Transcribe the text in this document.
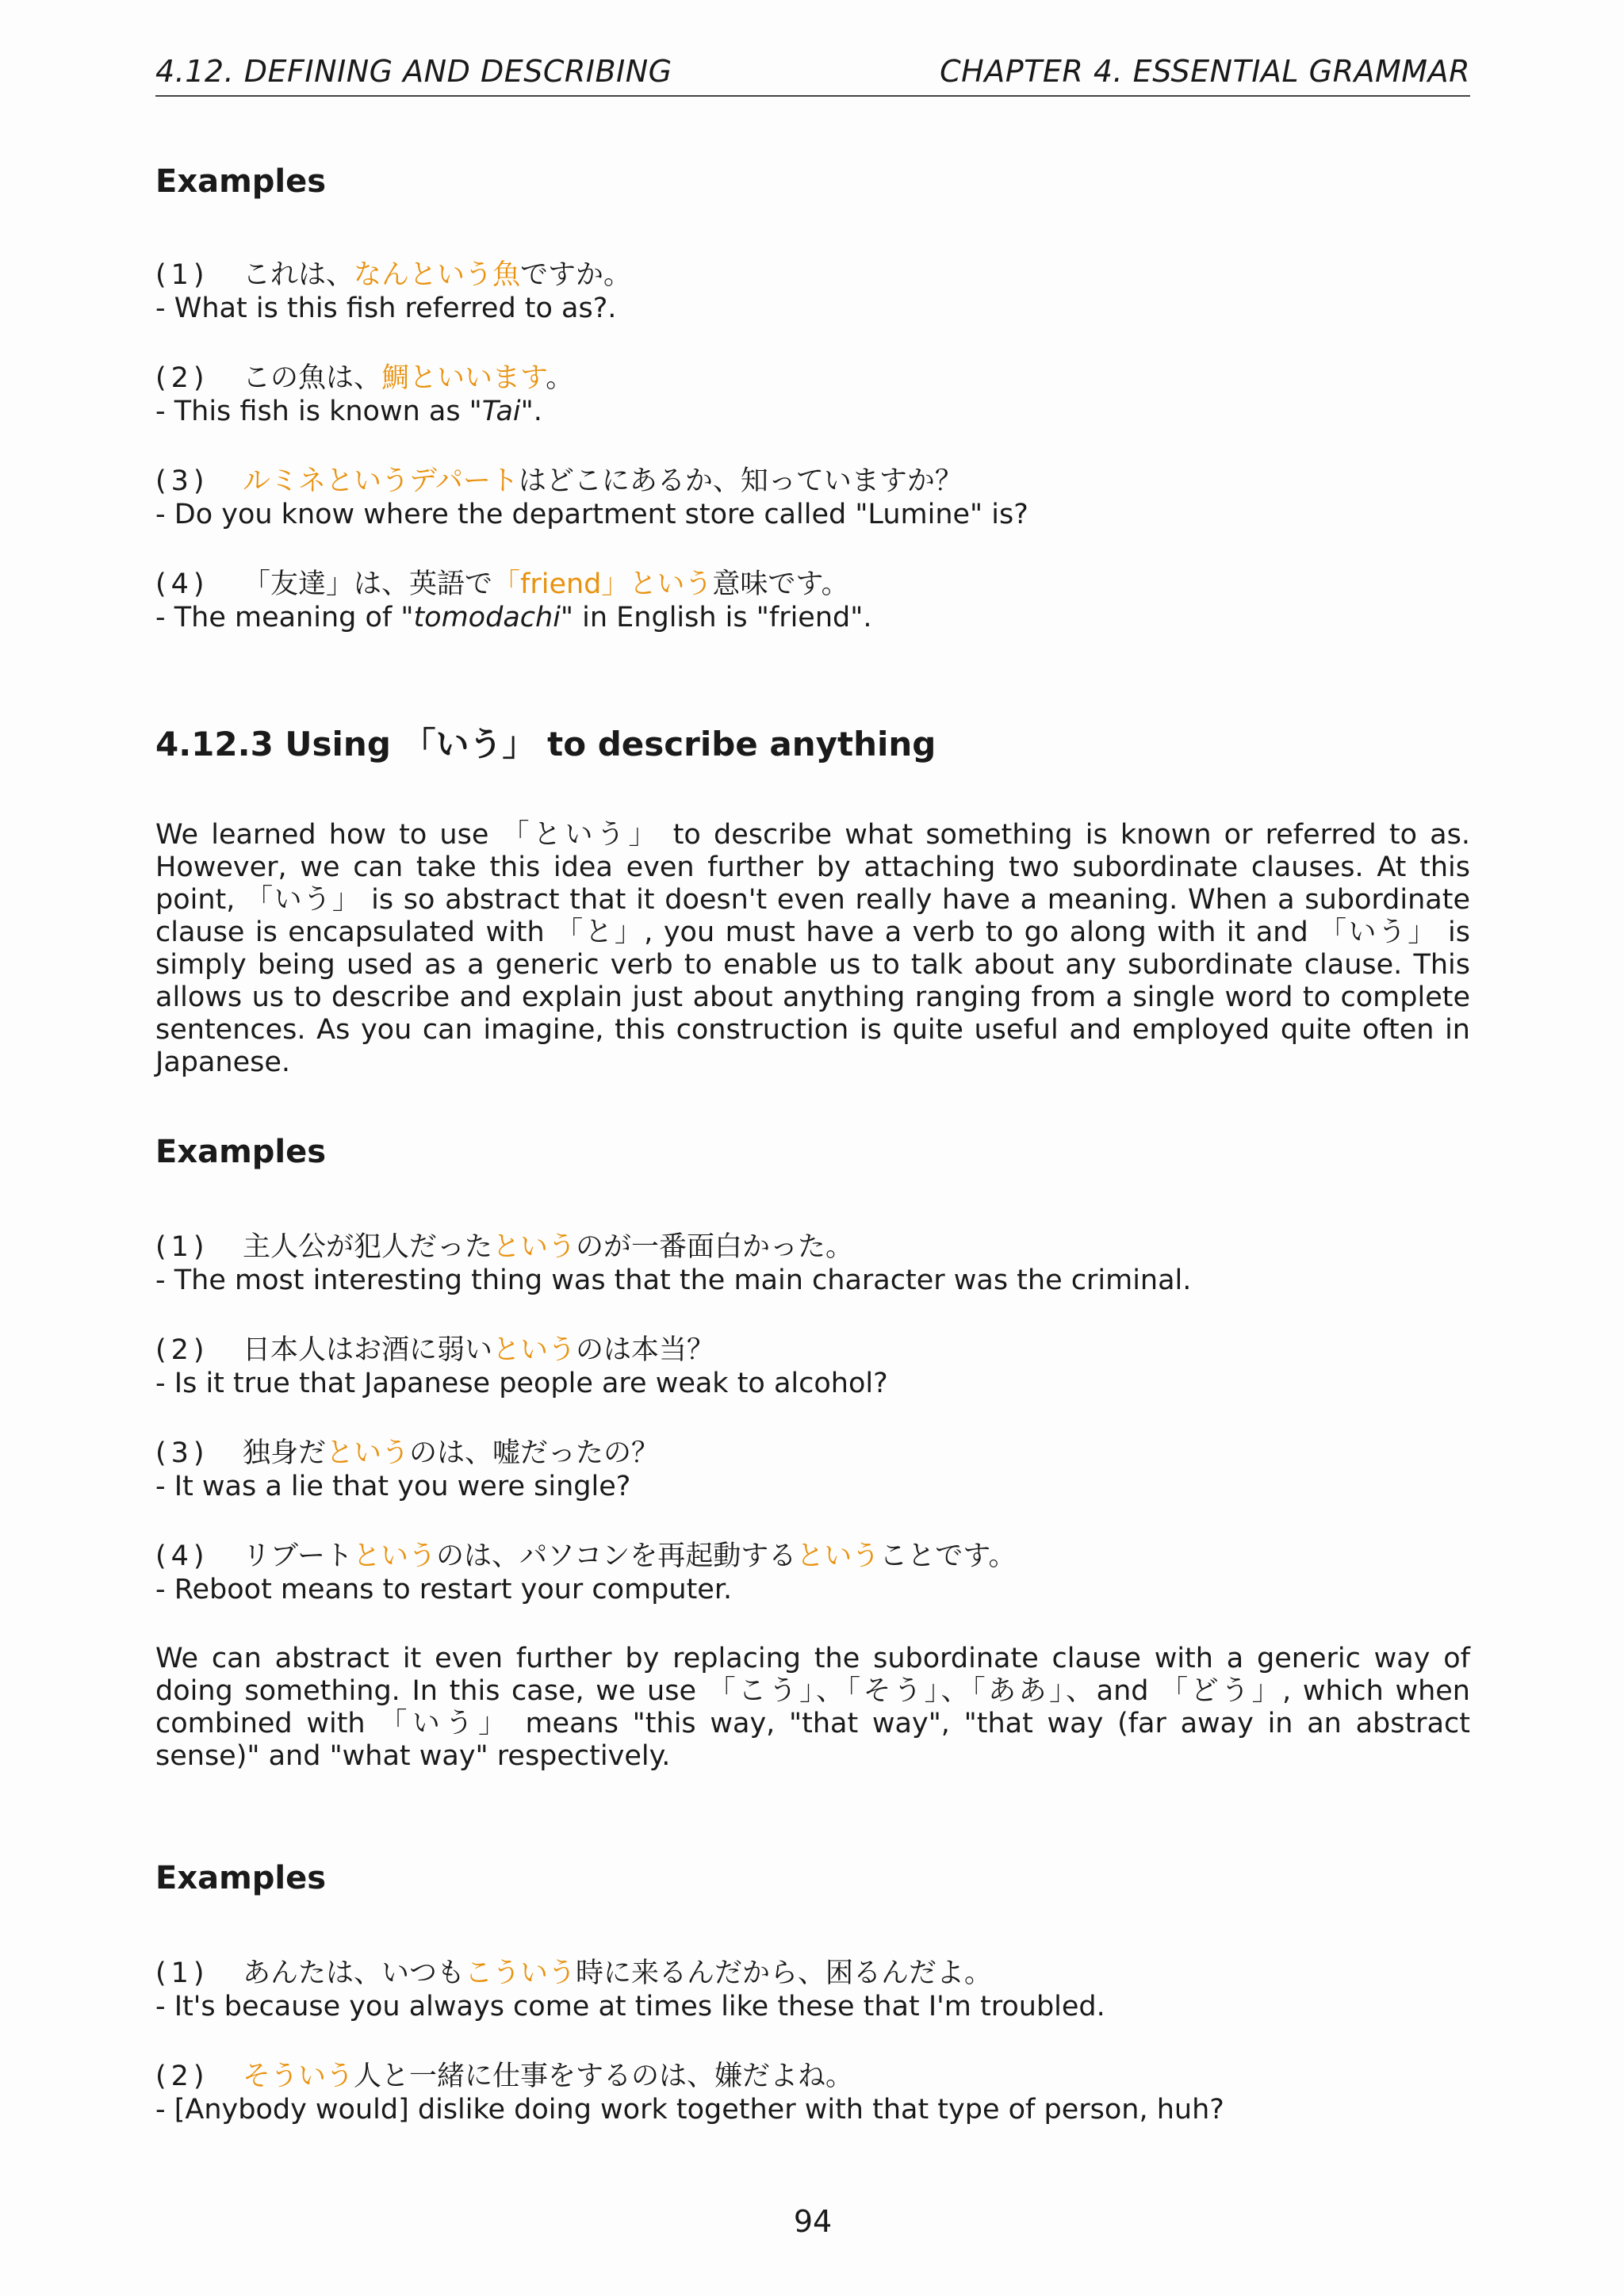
4.12. DEFINING AND DESCRIBING	CHAPTER 4. ESSENTIAL GRAMMAR
Examples
(1) これは、なんという魚ですか。
- What is this fish referred to as?.
(2) この魚は、鯛といいます。
- This fish is known as "Tai".
(3) ルミネというデパートはどこにあるか、知っていますか？
- Do you know where the department store called "Lumine" is?
(4) 「友達」は、英語で「friend」という意味です。
- The meaning of "tomodachi" in English is "friend".
4.12.3 Using 「いう」 to describe anything
We learned how to use 「という」 to describe what something is known or referred to as. However, we can take this idea even further by attaching two subordinate clauses. At this point, 「いう」 is so abstract that it doesn't even really have a meaning. When a subordinate clause is encapsulated with 「と」, you must have a verb to go along with it and 「いう」 is simply being used as a generic verb to enable us to talk about any subordinate clause. This allows us to describe and explain just about anything ranging from a single word to complete sentences. As you can imagine, this construction is quite useful and employed quite often in Japanese.
Examples
(1) 主人公が犯人だったというのが一番面白かった。
- The most interesting thing was that the main character was the criminal.
(2) 日本人はお酒に弱いというのは本当？
- Is it true that Japanese people are weak to alcohol?
(3) 独身だというのは、嘘だったの？
- It was a lie that you were single?
(4) リブートというのは、パソコンを再起動するということです。
- Reboot means to restart your computer.
We can abstract it even further by replacing the subordinate clause with a generic way of doing something. In this case, we use 「こう」、「そう」、「ああ」、and 「どう」, which when combined with 「いう」 means "this way, "that way", "that way (far away in an abstract sense)" and "what way" respectively.
Examples
(1) あんたは、いつもこういう時に来るんだから、困るんだよ。
- It's because you always come at times like these that I'm troubled.
(2) そういう人と一緒に仕事をするのは、嫌だよね。
- [Anybody would] dislike doing work together with that type of person, huh?
94
